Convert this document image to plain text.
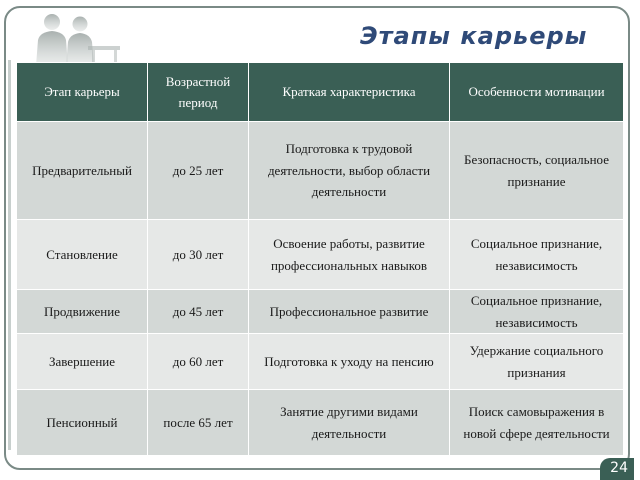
Этапы карьеры
Этап карьеры	Возрастной период	Краткая характеристика	Особенности мотивации
Предварительный	до 25 лет	Подготовка к трудовой деятельности, выбор области деятельности	Безопасность, социальное признание
Становление	до 30 лет	Освоение работы, развитие профессиональных навыков	Социальное признание, независимость
Продвижение	до 45 лет	Профессиональное развитие	Социальное признание, независимость
Завершение	до 60 лет	Подготовка к уходу на пенсию	Удержание социального признания
Пенсионный	после 65 лет	Занятие другими видами деятельности	Поиск самовыражения в новой сфере деятельности
24
